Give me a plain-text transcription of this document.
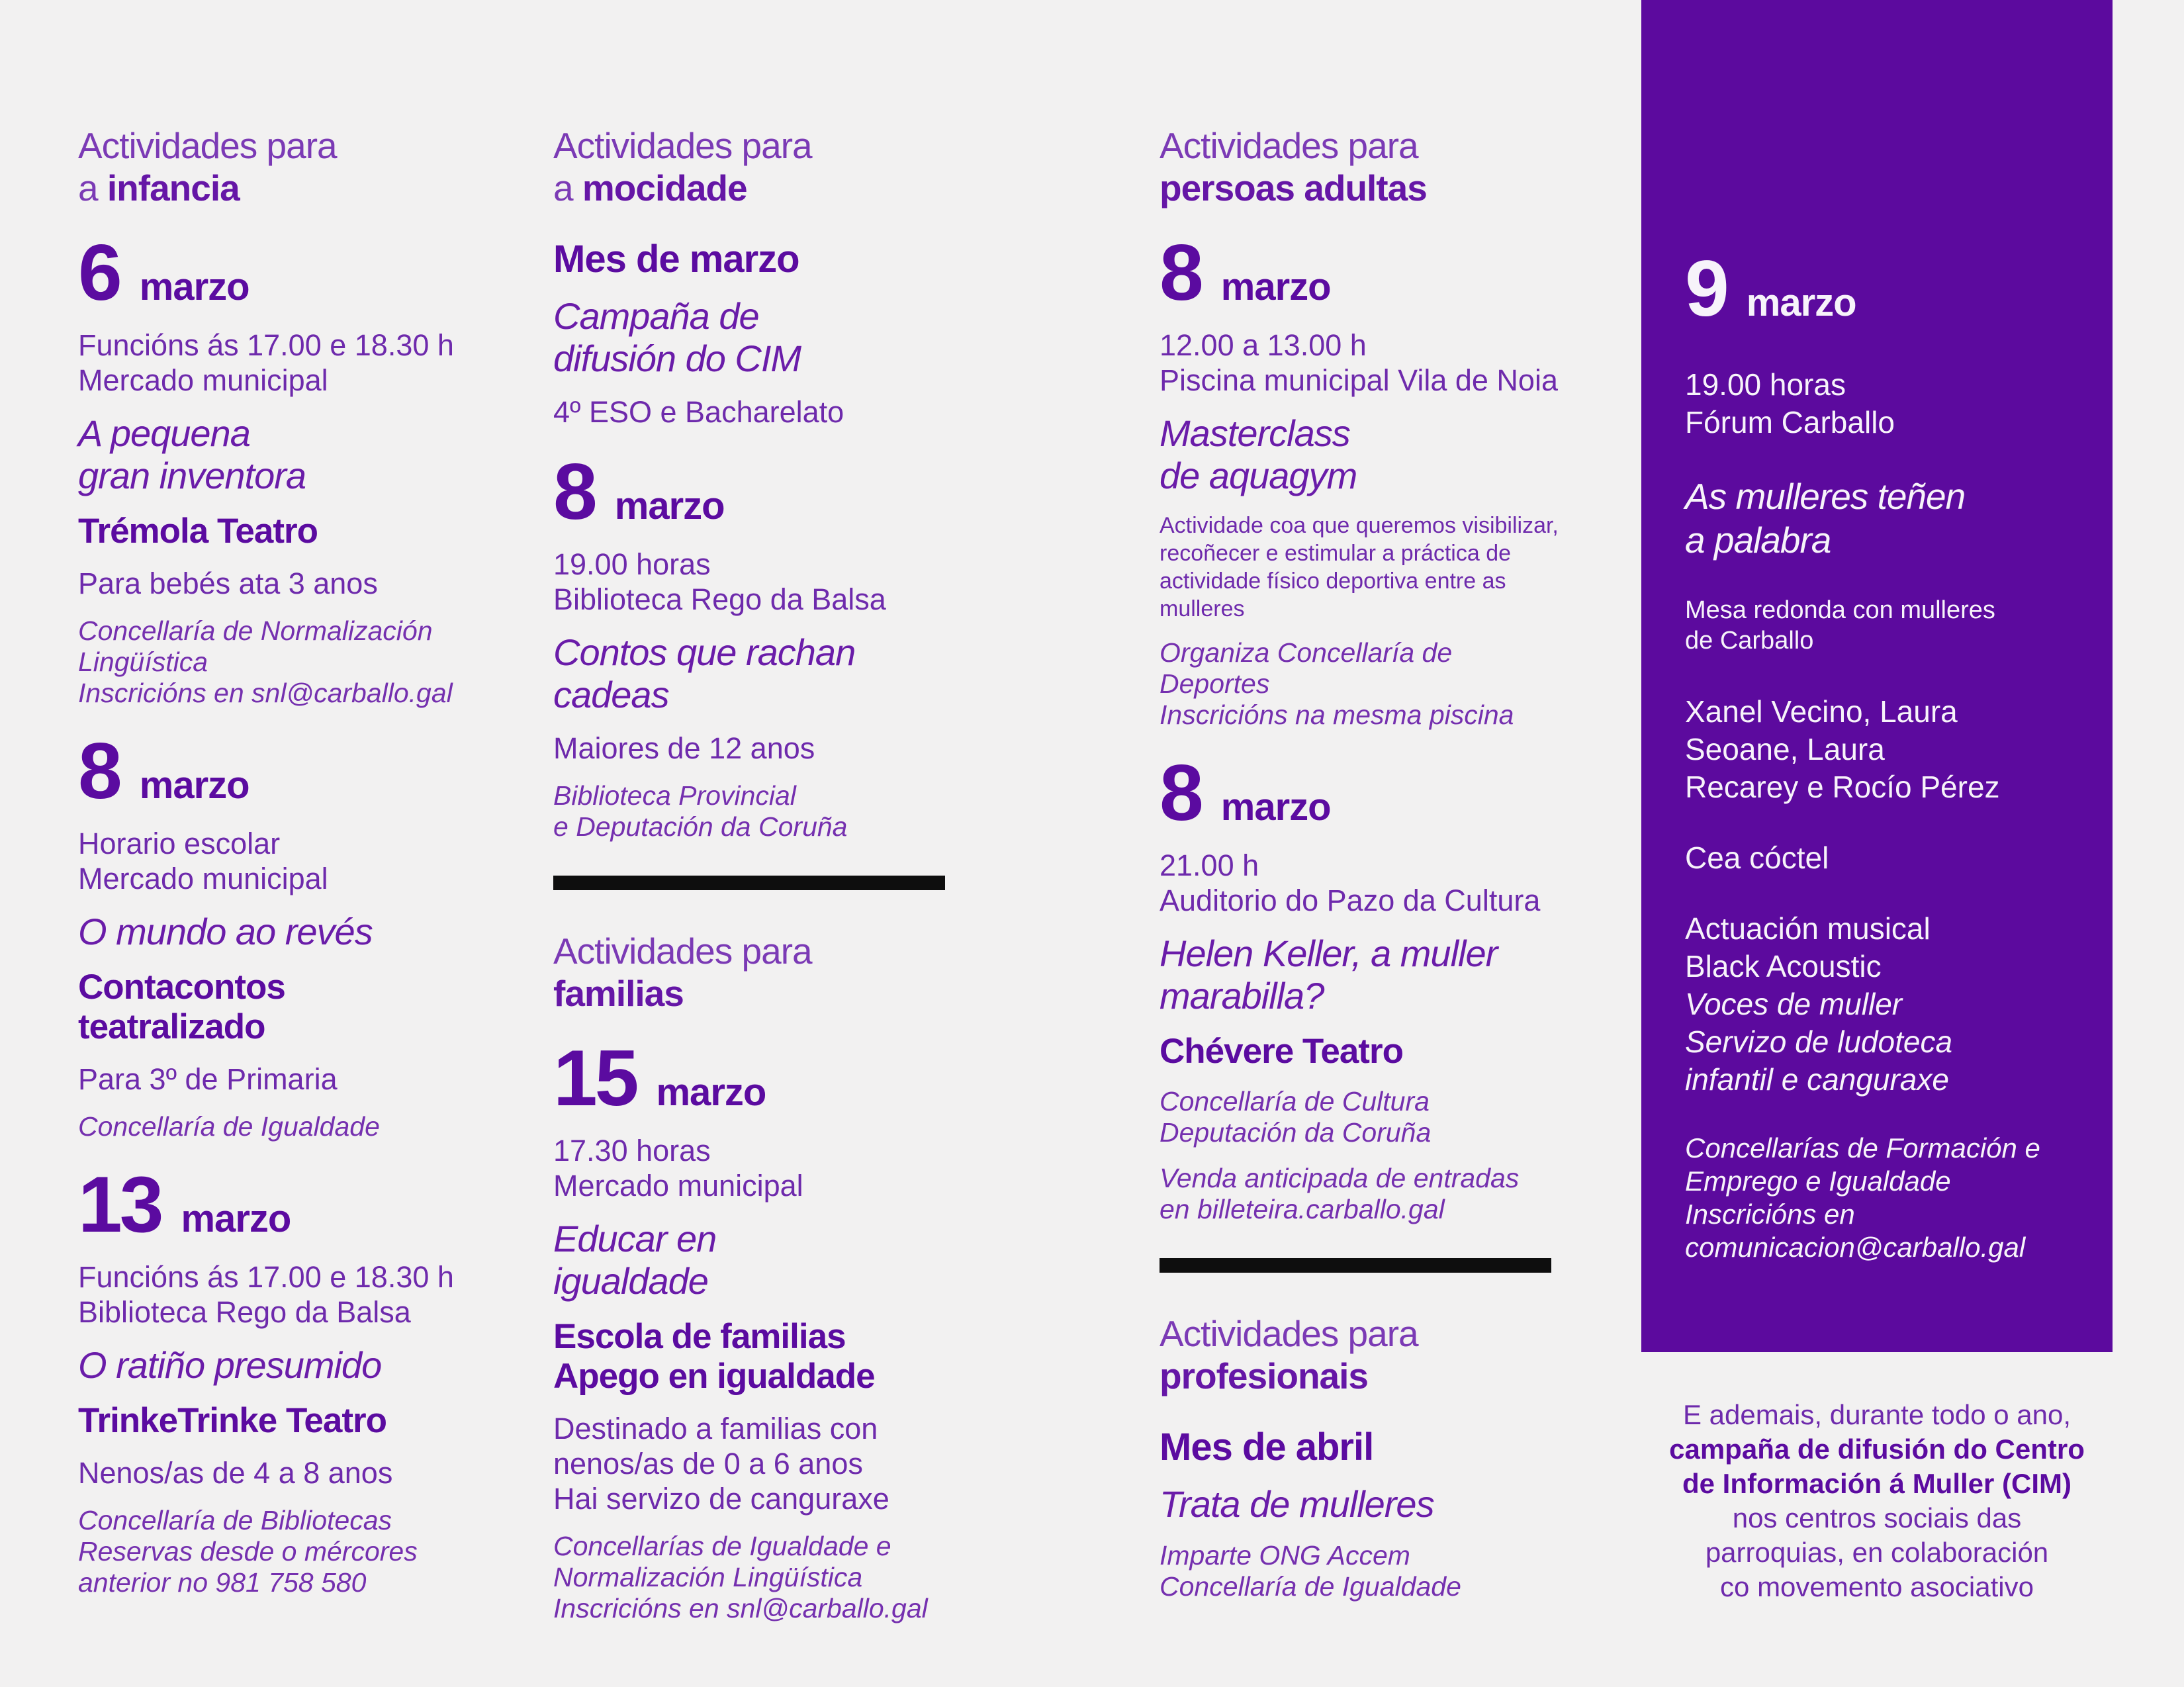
Actividades para
a infancia
6 marzo
Funcións ás 17.00 e 18.30 h
Mercado municipal
A pequena
gran inventora
Trémola Teatro
Para bebés ata 3 anos
Concellaría de Normalización
Lingüística
Inscricións en snl@carballo.gal
8 marzo
Horario escolar
Mercado municipal
O mundo ao revés
Contacontos
teatralizado
Para 3º de Primaria
Concellaría de Igualdade
13 marzo
Funcións ás 17.00 e 18.30 h
Biblioteca Rego da Balsa
O ratiño presumido
TrinkeTrinke Teatro
Nenos/as de 4 a 8 anos
Concellaría de Bibliotecas
Reservas desde o mércores
anterior no 981 758 580
Actividades para
a mocidade
Mes de marzo
Campaña de
difusión do CIM
4º ESO e Bacharelato
8 marzo
19.00 horas
Biblioteca Rego da Balsa
Contos que rachan
cadeas
Maiores de 12 anos
Biblioteca Provincial
e Deputación da Coruña
Actividades para
familias
15 marzo
17.30 horas
Mercado municipal
Educar en
igualdade
Escola de familias
Apego en igualdade
Destinado a familias con
nenos/as de 0 a 6 anos
Hai servizo de canguraxe
Concellarías de Igualdade e
Normalización Lingüística
Inscricións en snl@carballo.gal
Actividades para
persoas adultas
8 marzo
12.00 a 13.00 h
Piscina municipal Vila de Noia
Masterclass
de aquagym
Actividade coa que queremos visibilizar,
recoñecer e estimular a práctica de
actividade físico deportiva entre as
mulleres
Organiza Concellaría de
Deportes
Inscricións na mesma piscina
8 marzo
21.00 h
Auditorio do Pazo da Cultura
Helen Keller, a muller
marabilla?
Chévere Teatro
Concellaría de Cultura
Deputación da Coruña
Venda anticipada de entradas
en billeteira.carballo.gal
Actividades para
profesionais
Mes de abril
Trata de mulleres
Imparte ONG Accem
Concellaría de Igualdade
9 marzo
19.00 horas
Fórum Carballo
As mulleres teñen
a palabra
Mesa redonda con mulleres
de Carballo
Xanel Vecino, Laura
Seoane, Laura
Recarey e Rocío Pérez
Cea cóctel
Actuación musical
Black Acoustic
Voces de muller
Servizo de ludoteca
infantil e canguraxe
Concellarías de Formación e
Emprego e Igualdade
Inscricións en
comunicacion@carballo.gal
E ademais, durante todo o ano,
campaña de difusión do Centro
de Información á Muller (CIM)
nos centros sociais das
parroquias, en colaboración
co movemento asociativo
